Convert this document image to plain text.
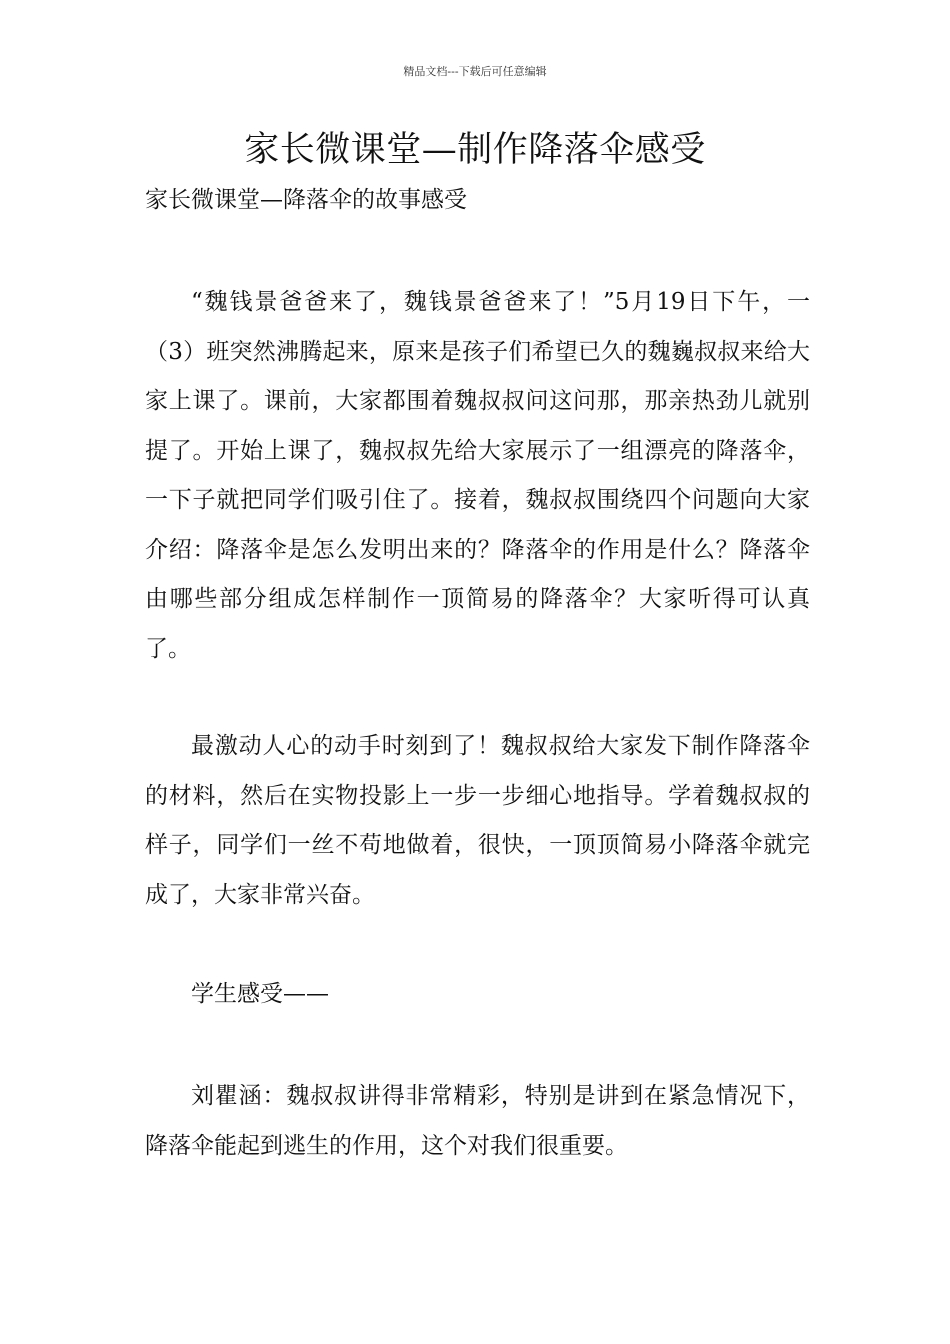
精品文档---下载后可任意编辑
家长微课堂—制作降落伞感受
家长微课堂—降落伞的故事感受

“魏钱景爸爸来了，魏钱景爸爸来了！”5月19日下午，一（3）班突然沸腾起来，原来是孩子们希望已久的魏巍叔叔来给大家上课了。课前，大家都围着魏叔叔问这问那，那亲热劲儿就别提了。开始上课了，魏叔叔先给大家展示了一组漂亮的降落伞，一下子就把同学们吸引住了。接着，魏叔叔围绕四个问题向大家介绍：降落伞是怎么发明出来的？降落伞的作用是什么？降落伞由哪些部分组成怎样制作一顶简易的降落伞？大家听得可认真了。

最激动人心的动手时刻到了！魏叔叔给大家发下制作降落伞的材料，然后在实物投影上一步一步细心地指导。学着魏叔叔的样子，同学们一丝不苟地做着，很快，一顶顶简易小降落伞就完成了，大家非常兴奋。

学生感受——

刘瞿涵：魏叔叔讲得非常精彩，特别是讲到在紧急情况下，降落伞能起到逃生的作用，这个对我们很重要。
